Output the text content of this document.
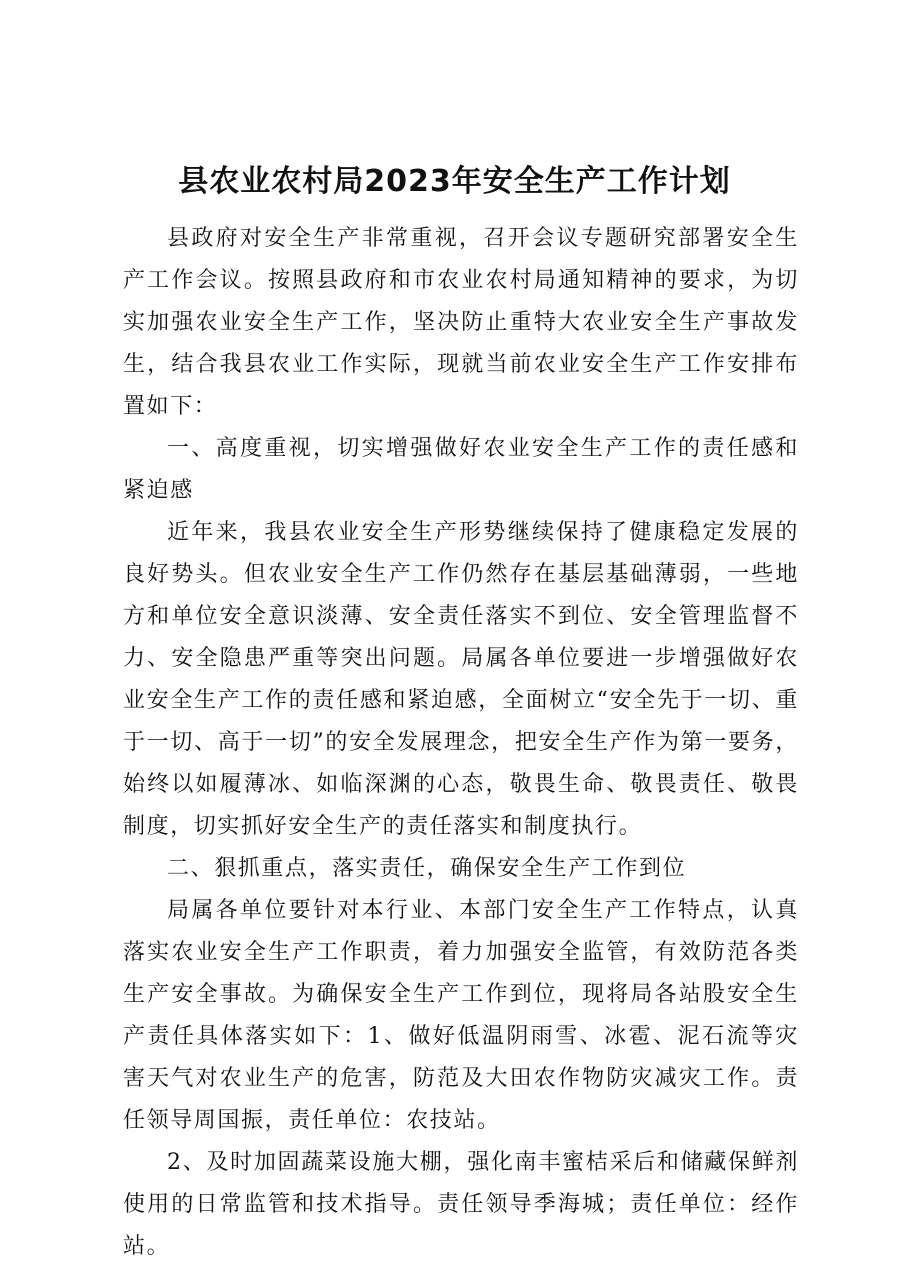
县农业农村局2023年安全生产工作计划

县政府对安全生产非常重视，召开会议专题研究部署安全生产工作会议。按照县政府和市农业农村局通知精神的要求，为切实加强农业安全生产工作，坚决防止重特大农业安全生产事故发生，结合我县农业工作实际，现就当前农业安全生产工作安排布置如下：

一、高度重视，切实增强做好农业安全生产工作的责任感和紧迫感

近年来，我县农业安全生产形势继续保持了健康稳定发展的良好势头。但农业安全生产工作仍然存在基层基础薄弱，一些地方和单位安全意识淡薄、安全责任落实不到位、安全管理监督不力、安全隐患严重等突出问题。局属各单位要进一步增强做好农业安全生产工作的责任感和紧迫感，全面树立“安全先于一切、重于一切、高于一切”的安全发展理念，把安全生产作为第一要务，始终以如履薄冰、如临深渊的心态，敬畏生命、敬畏责任、敬畏制度，切实抓好安全生产的责任落实和制度执行。

二、狠抓重点，落实责任，确保安全生产工作到位

局属各单位要针对本行业、本部门安全生产工作特点，认真落实农业安全生产工作职责，着力加强安全监管，有效防范各类生产安全事故。为确保安全生产工作到位，现将局各站股安全生产责任具体落实如下：1、做好低温阴雨雪、冰雹、泥石流等灾害天气对农业生产的危害，防范及大田农作物防灾减灾工作。责任领导周国振，责任单位：农技站。

2、及时加固蔬菜设施大棚，强化南丰蜜桔采后和储藏保鲜剂使用的日常监管和技术指导。责任领导季海城；责任单位：经作站。
